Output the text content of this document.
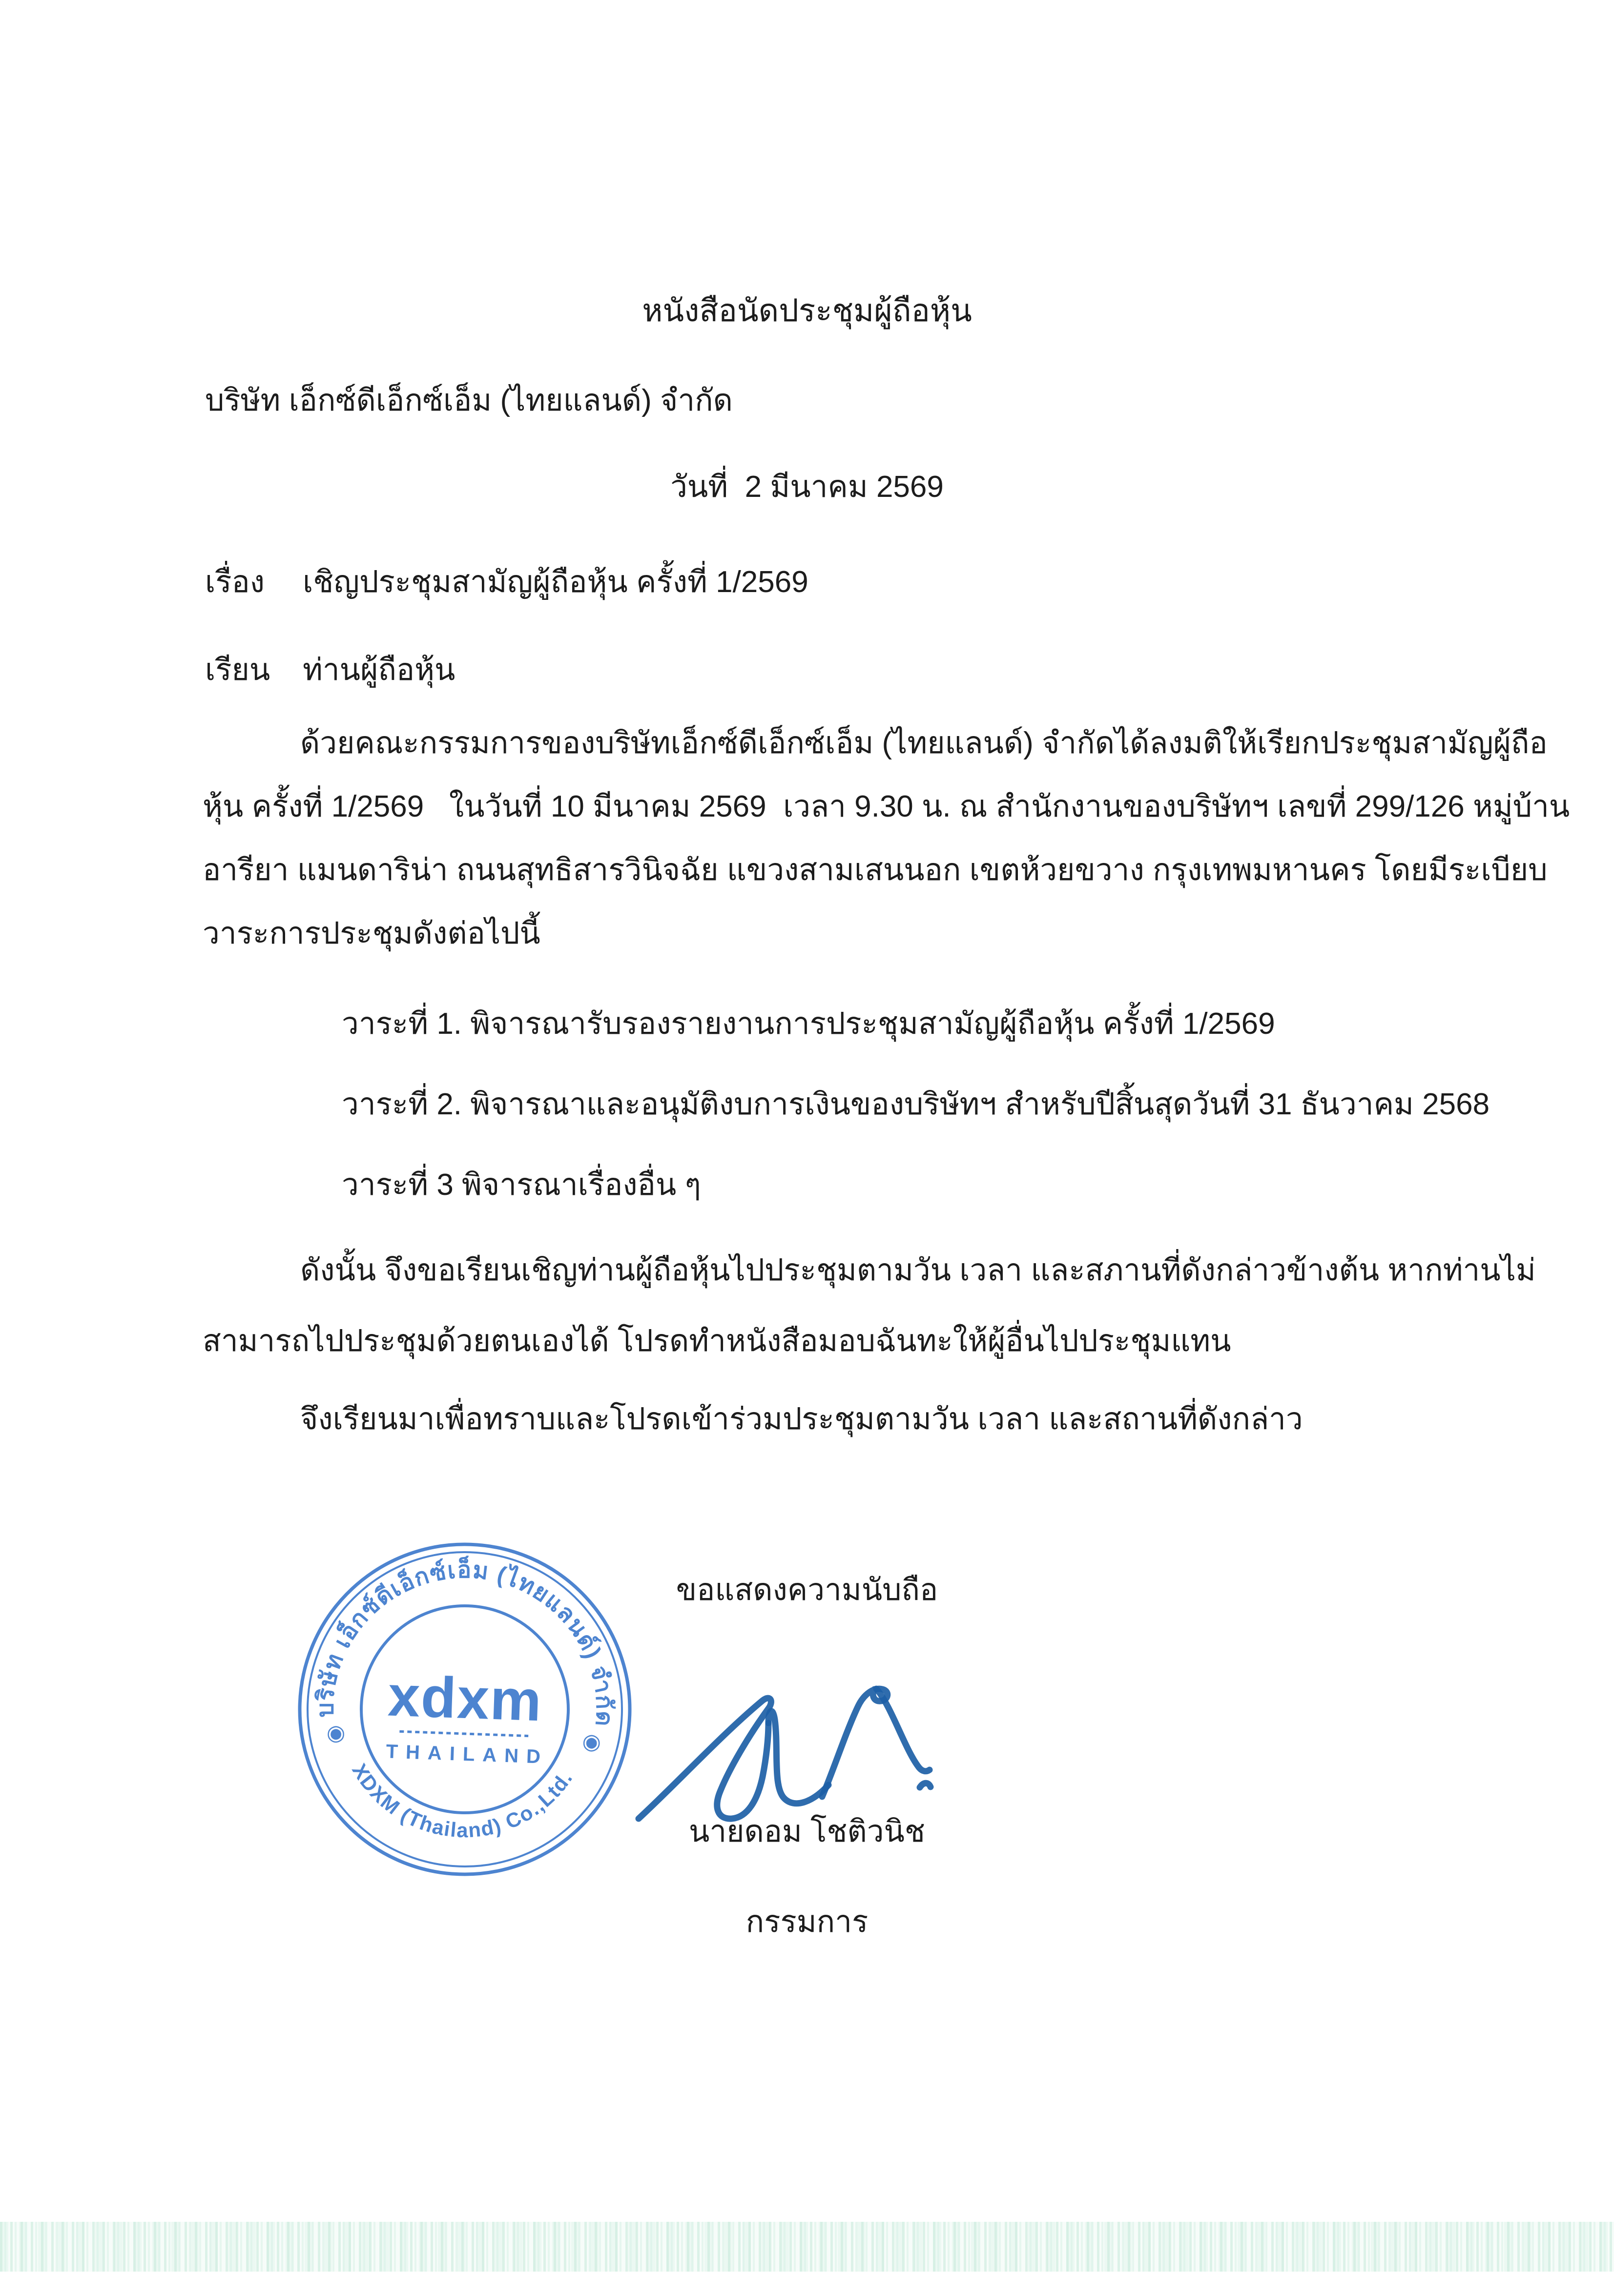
หนังสือนัดประชุมผู้ถือหุ้น
บริษัท เอ็กซ์ดีเอ็กซ์เอ็ม (ไทยแลนด์) จำกัด
วันที่  2 มีนาคม 2569
เรื่อง เชิญประชุมสามัญผู้ถือหุ้น ครั้งที่ 1/2569
เรียน ท่านผู้ถือหุ้น
ด้วยคณะกรรมการของบริษัทเอ็กซ์ดีเอ็กซ์เอ็ม (ไทยแลนด์) จำกัดได้ลงมติให้เรียกประชุมสามัญผู้ถือ
หุ้น ครั้งที่ 1/2569   ในวันที่ 10 มีนาคม 2569  เวลา 9.30 น. ณ สำนักงานของบริษัทฯ เลขที่ 299/126 หมู่บ้าน
อารียา แมนดาริน่า ถนนสุทธิสารวินิจฉัย แขวงสามเสนนอก เขตห้วยขวาง กรุงเทพมหานคร โดยมีระเบียบ
วาระการประชุมดังต่อไปนี้
วาระที่ 1. พิจารณารับรองรายงานการประชุมสามัญผู้ถือหุ้น ครั้งที่ 1/2569
วาระที่ 2. พิจารณาและอนุมัติงบการเงินของบริษัทฯ สำหรับปีสิ้นสุดวันที่ 31 ธันวาคม 2568
วาระที่ 3 พิจารณาเรื่องอื่น ๆ
ดังนั้น จึงขอเรียนเชิญท่านผู้ถือหุ้นไปประชุมตามวัน เวลา และสภานที่ดังกล่าวข้างต้น หากท่านไม่
สามารถไปประชุมด้วยตนเองได้ โปรดทำหนังสือมอบฉันทะให้ผู้อื่นไปประชุมแทน
จึงเรียนมาเพื่อทราบและโปรดเข้าร่วมประชุมตามวัน เวลา และสถานที่ดังกล่าว
ขอแสดงความนับถือ
บริษัท เอ็กซ์ดีเอ็กซ์เอ็ม (ไทยแลนด์) จำกัด
XDXM (Thailand) Co.,Ltd.
◉	◉
xdxm
THAILAND
นายดอม โชติวนิช
กรรมการ
